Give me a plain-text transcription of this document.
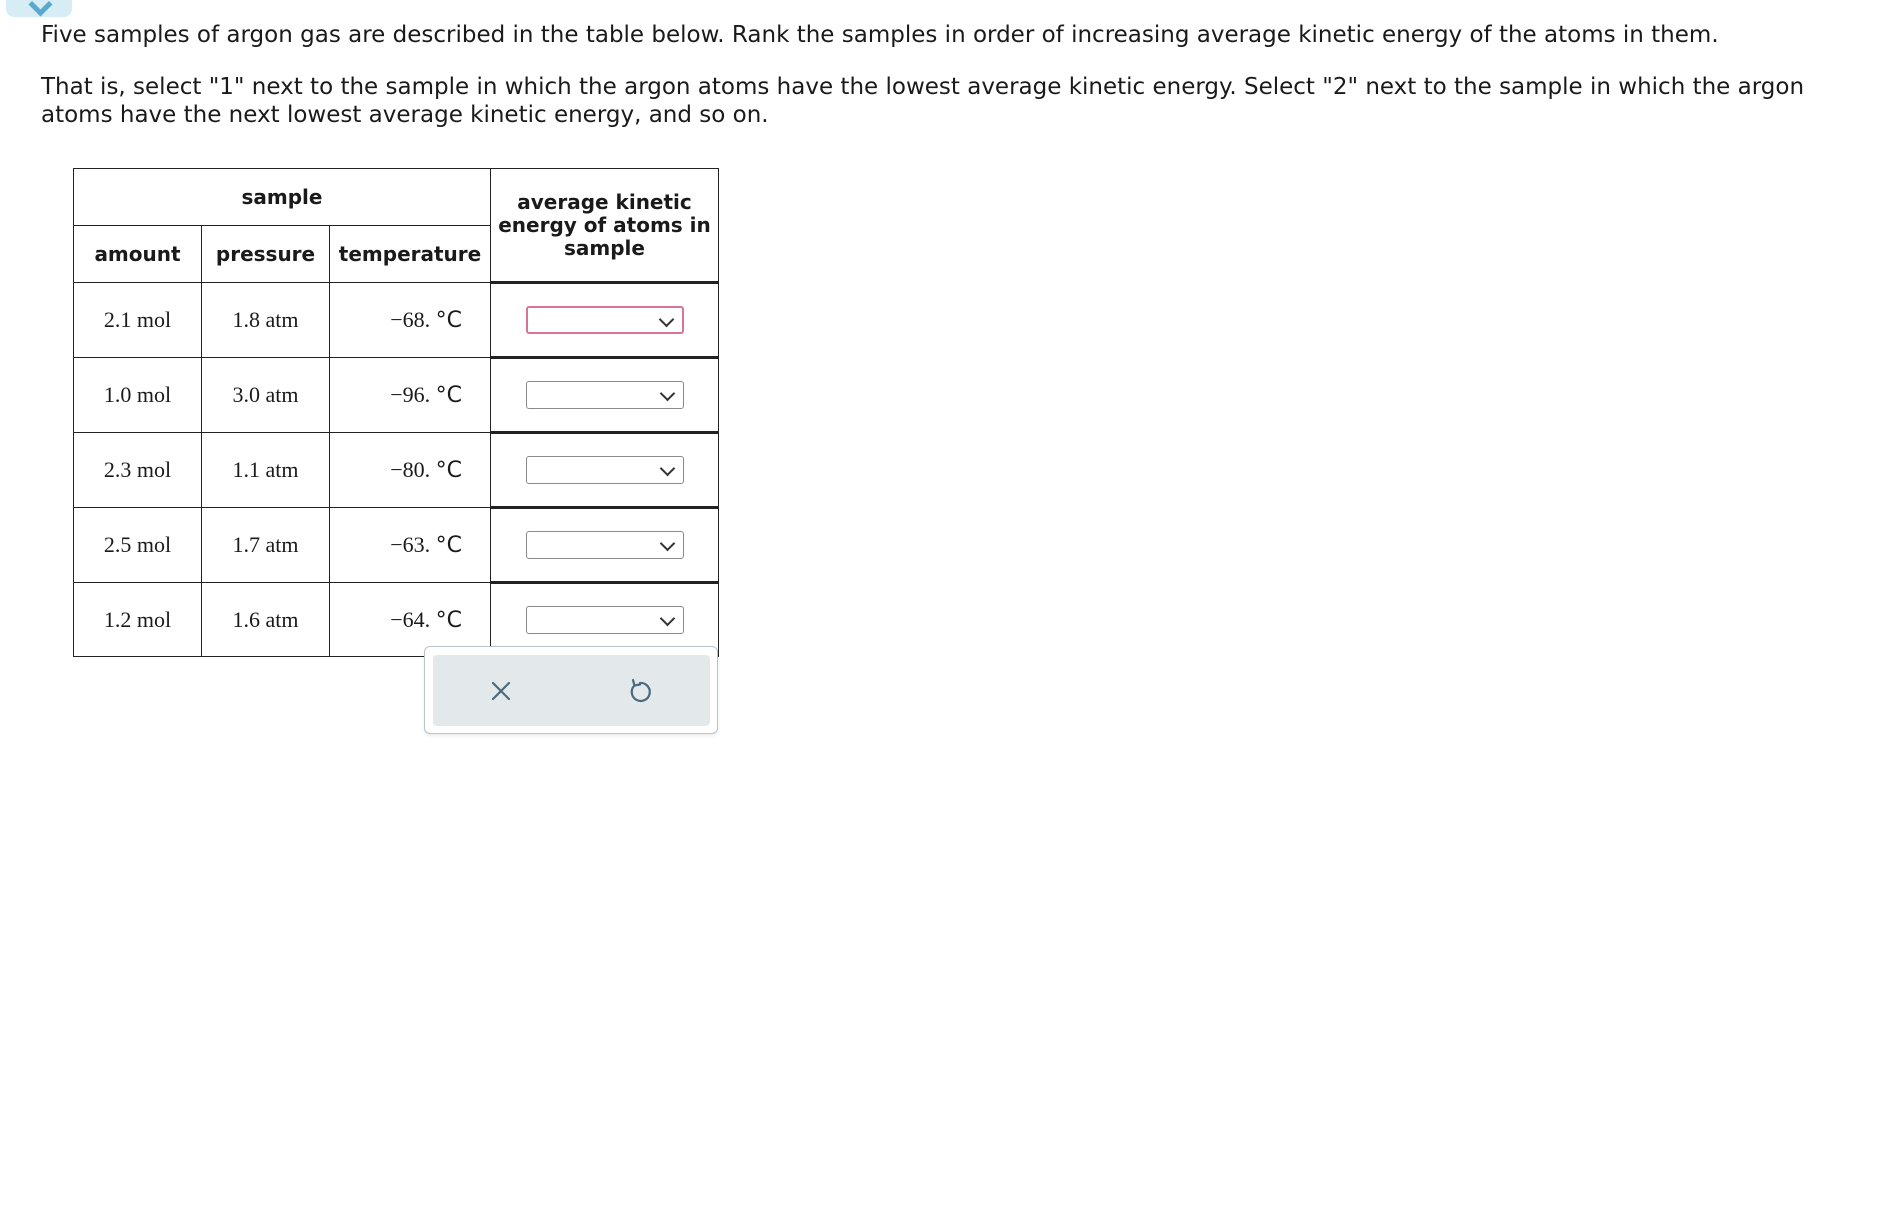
Five samples of argon gas are described in the table below. Rank the samples in order of increasing average kinetic energy of the atoms in them.

That is, select "1" next to the sample in which the argon atoms have the lowest average kinetic energy. Select "2" next to the sample in which the argon atoms have the next lowest average kinetic energy, and so on.

sample			average kinetic energy of atoms in sample
amount	pressure	temperature	
2.1 mol	1.8 atm	−68. °C	

1.0 mol	3.0 atm	−96. °C	

2.3 mol	1.1 atm	−80. °C	

2.5 mol	1.7 atm	−63. °C	

1.2 mol	1.6 atm	−64. °C	
